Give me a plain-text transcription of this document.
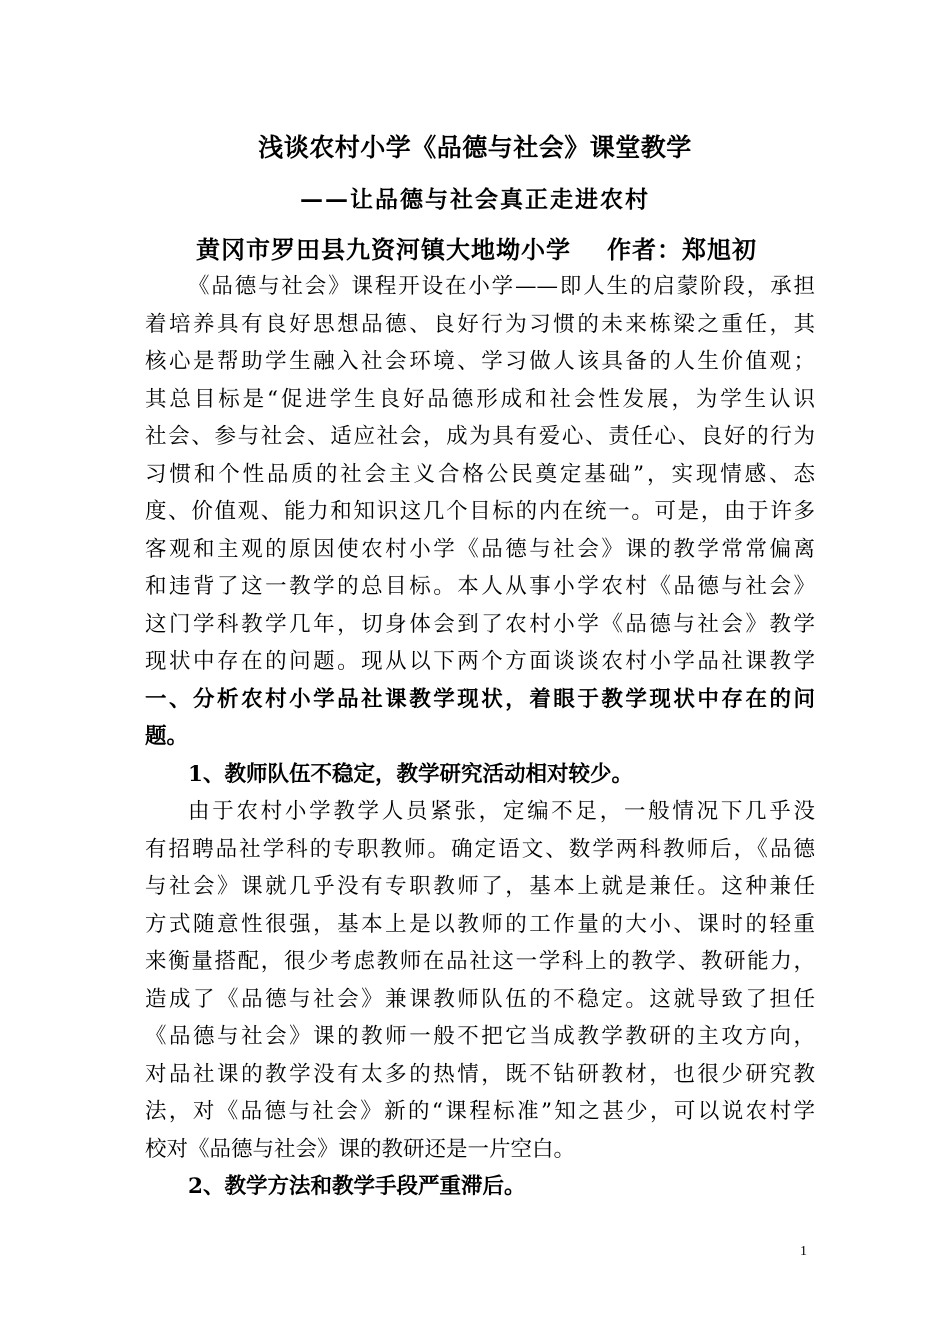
浅谈农村小学《品德与社会》课堂教学
——让品德与社会真正走进农村
黄冈市罗田县九资河镇大地坳小学 作者：郑旭初
《品德与社会》课程开设在小学——即人生的启蒙阶段，承担
着培养具有良好思想品德、良好行为习惯的未来栋梁之重任，其
核心是帮助学生融入社会环境、学习做人该具备的人生价值观；
其总目标是“促进学生良好品德形成和社会性发展，为学生认识
社会、参与社会、适应社会，成为具有爱心、责任心、良好的行为
习惯和个性品质的社会主义合格公民奠定基础”，实现情感、态
度、价值观、能力和知识这几个目标的内在统一。可是，由于许多
客观和主观的原因使农村小学《品德与社会》课的教学常常偏离
和违背了这一教学的总目标。本人从事小学农村《品德与社会》
这门学科教学几年，切身体会到了农村小学《品德与社会》教学
现状中存在的问题。现从以下两个方面谈谈农村小学品社课教学
一、分析农村小学品社课教学现状，着眼于教学现状中存在的问
题。
1、教师队伍不稳定，教学研究活动相对较少。
由于农村小学教学人员紧张，定编不足，一般情况下几乎没
有招聘品社学科的专职教师。确定语文、数学两科教师后，《品德
与社会》课就几乎没有专职教师了，基本上就是兼任。这种兼任
方式随意性很强，基本上是以教师的工作量的大小、课时的轻重
来衡量搭配，很少考虑教师在品社这一学科上的教学、教研能力，
造成了《品德与社会》兼课教师队伍的不稳定。这就导致了担任
《品德与社会》课的教师一般不把它当成教学教研的主攻方向，
对品社课的教学没有太多的热情，既不钻研教材，也很少研究教
法，对《品德与社会》新的“课程标准”知之甚少，可以说农村学
校对《品德与社会》课的教研还是一片空白。
2、教学方法和教学手段严重滞后。
1
